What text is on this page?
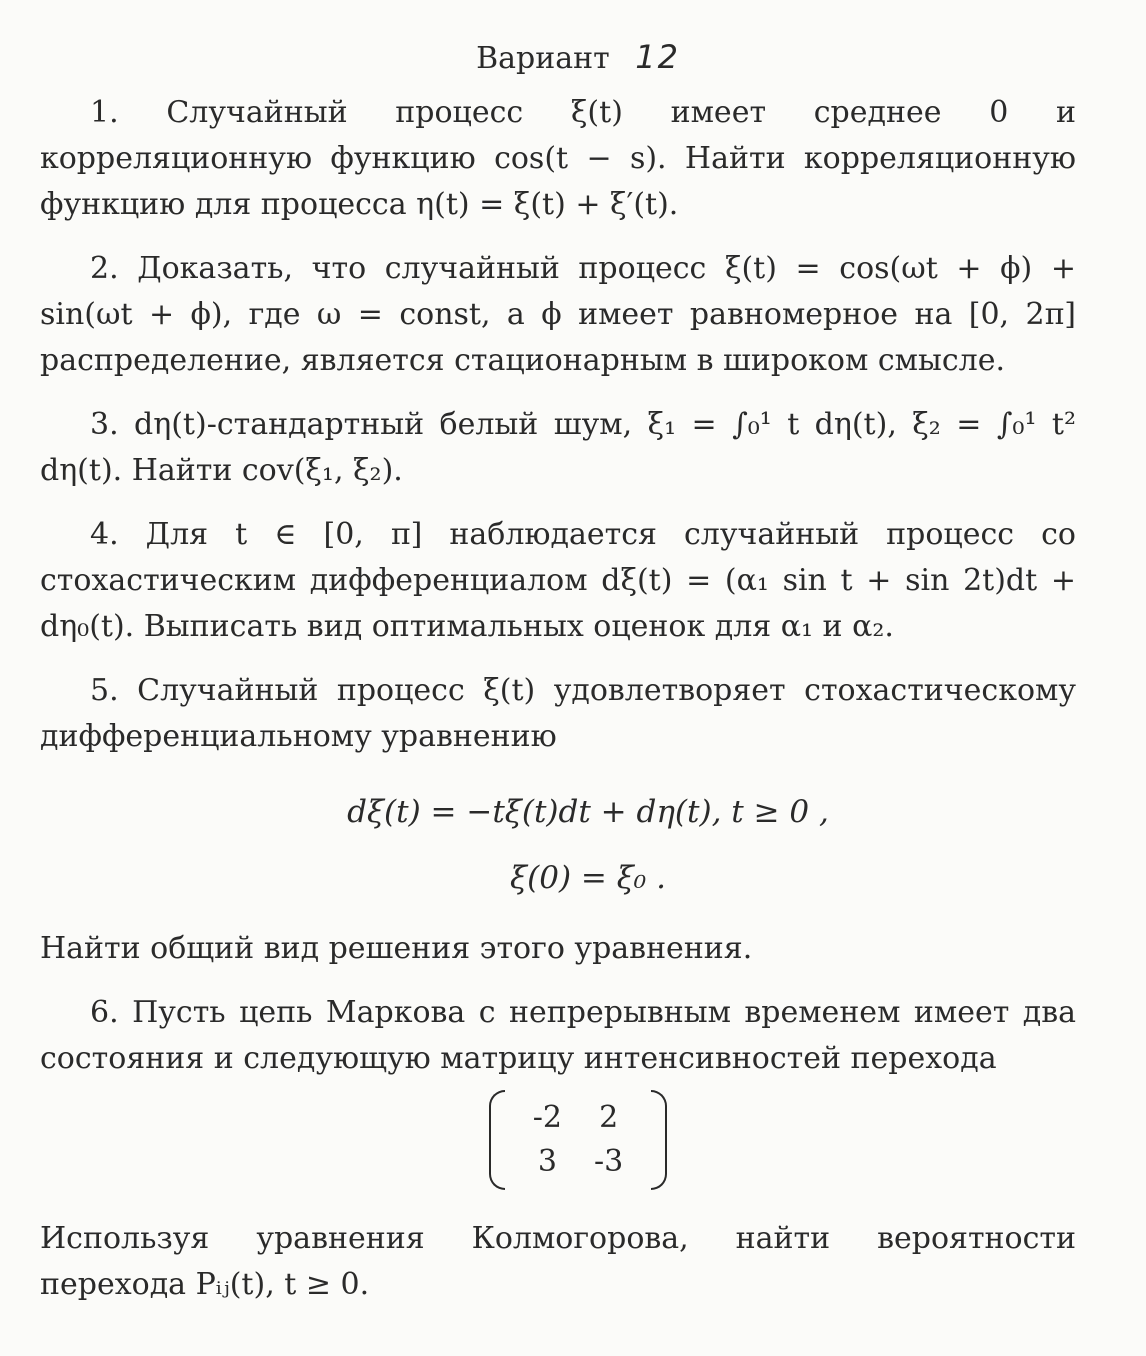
Вариант 12

1. Случайный процесс ξ(t) имеет среднее 0 и корреляционную функцию cos(t − s). Найти корреляционную функцию для процесса η(t) = ξ(t) + ξ′(t).

2. Доказать, что случайный процесс ξ(t) = cos(ωt + ϕ) + sin(ωt + ϕ), где ω = const, а ϕ имеет равномерное на [0, 2π] распределение, является стационарным в широком смысле.

3. dη(t)-стандартный белый шум, ξ₁ = ∫₀¹ t dη(t), ξ₂ = ∫₀¹ t² dη(t). Найти cov(ξ₁, ξ₂).

4. Для t ∈ [0, π] наблюдается случайный процесс со стохастическим дифференциалом dξ(t) = (α₁ sin t + sin 2t)dt + dη₀(t). Выписать вид оптимальных оценок для α₁ и α₂.

5. Случайный процесс ξ(t) удовлетворяет стохастическому дифференциальному уравнению

dξ(t) = −tξ(t)dt + dη(t), t ≥ 0 ,
ξ(0) = ξ₀ .

Найти общий вид решения этого уравнения.

6. Пусть цепь Маркова с непрерывным временем имеет два состояния и следующую матрицу интенсивностей перехода

-2	2
3	-3

Используя уравнения Колмогорова, найти вероятности перехода Pᵢⱼ(t), t ≥ 0.
